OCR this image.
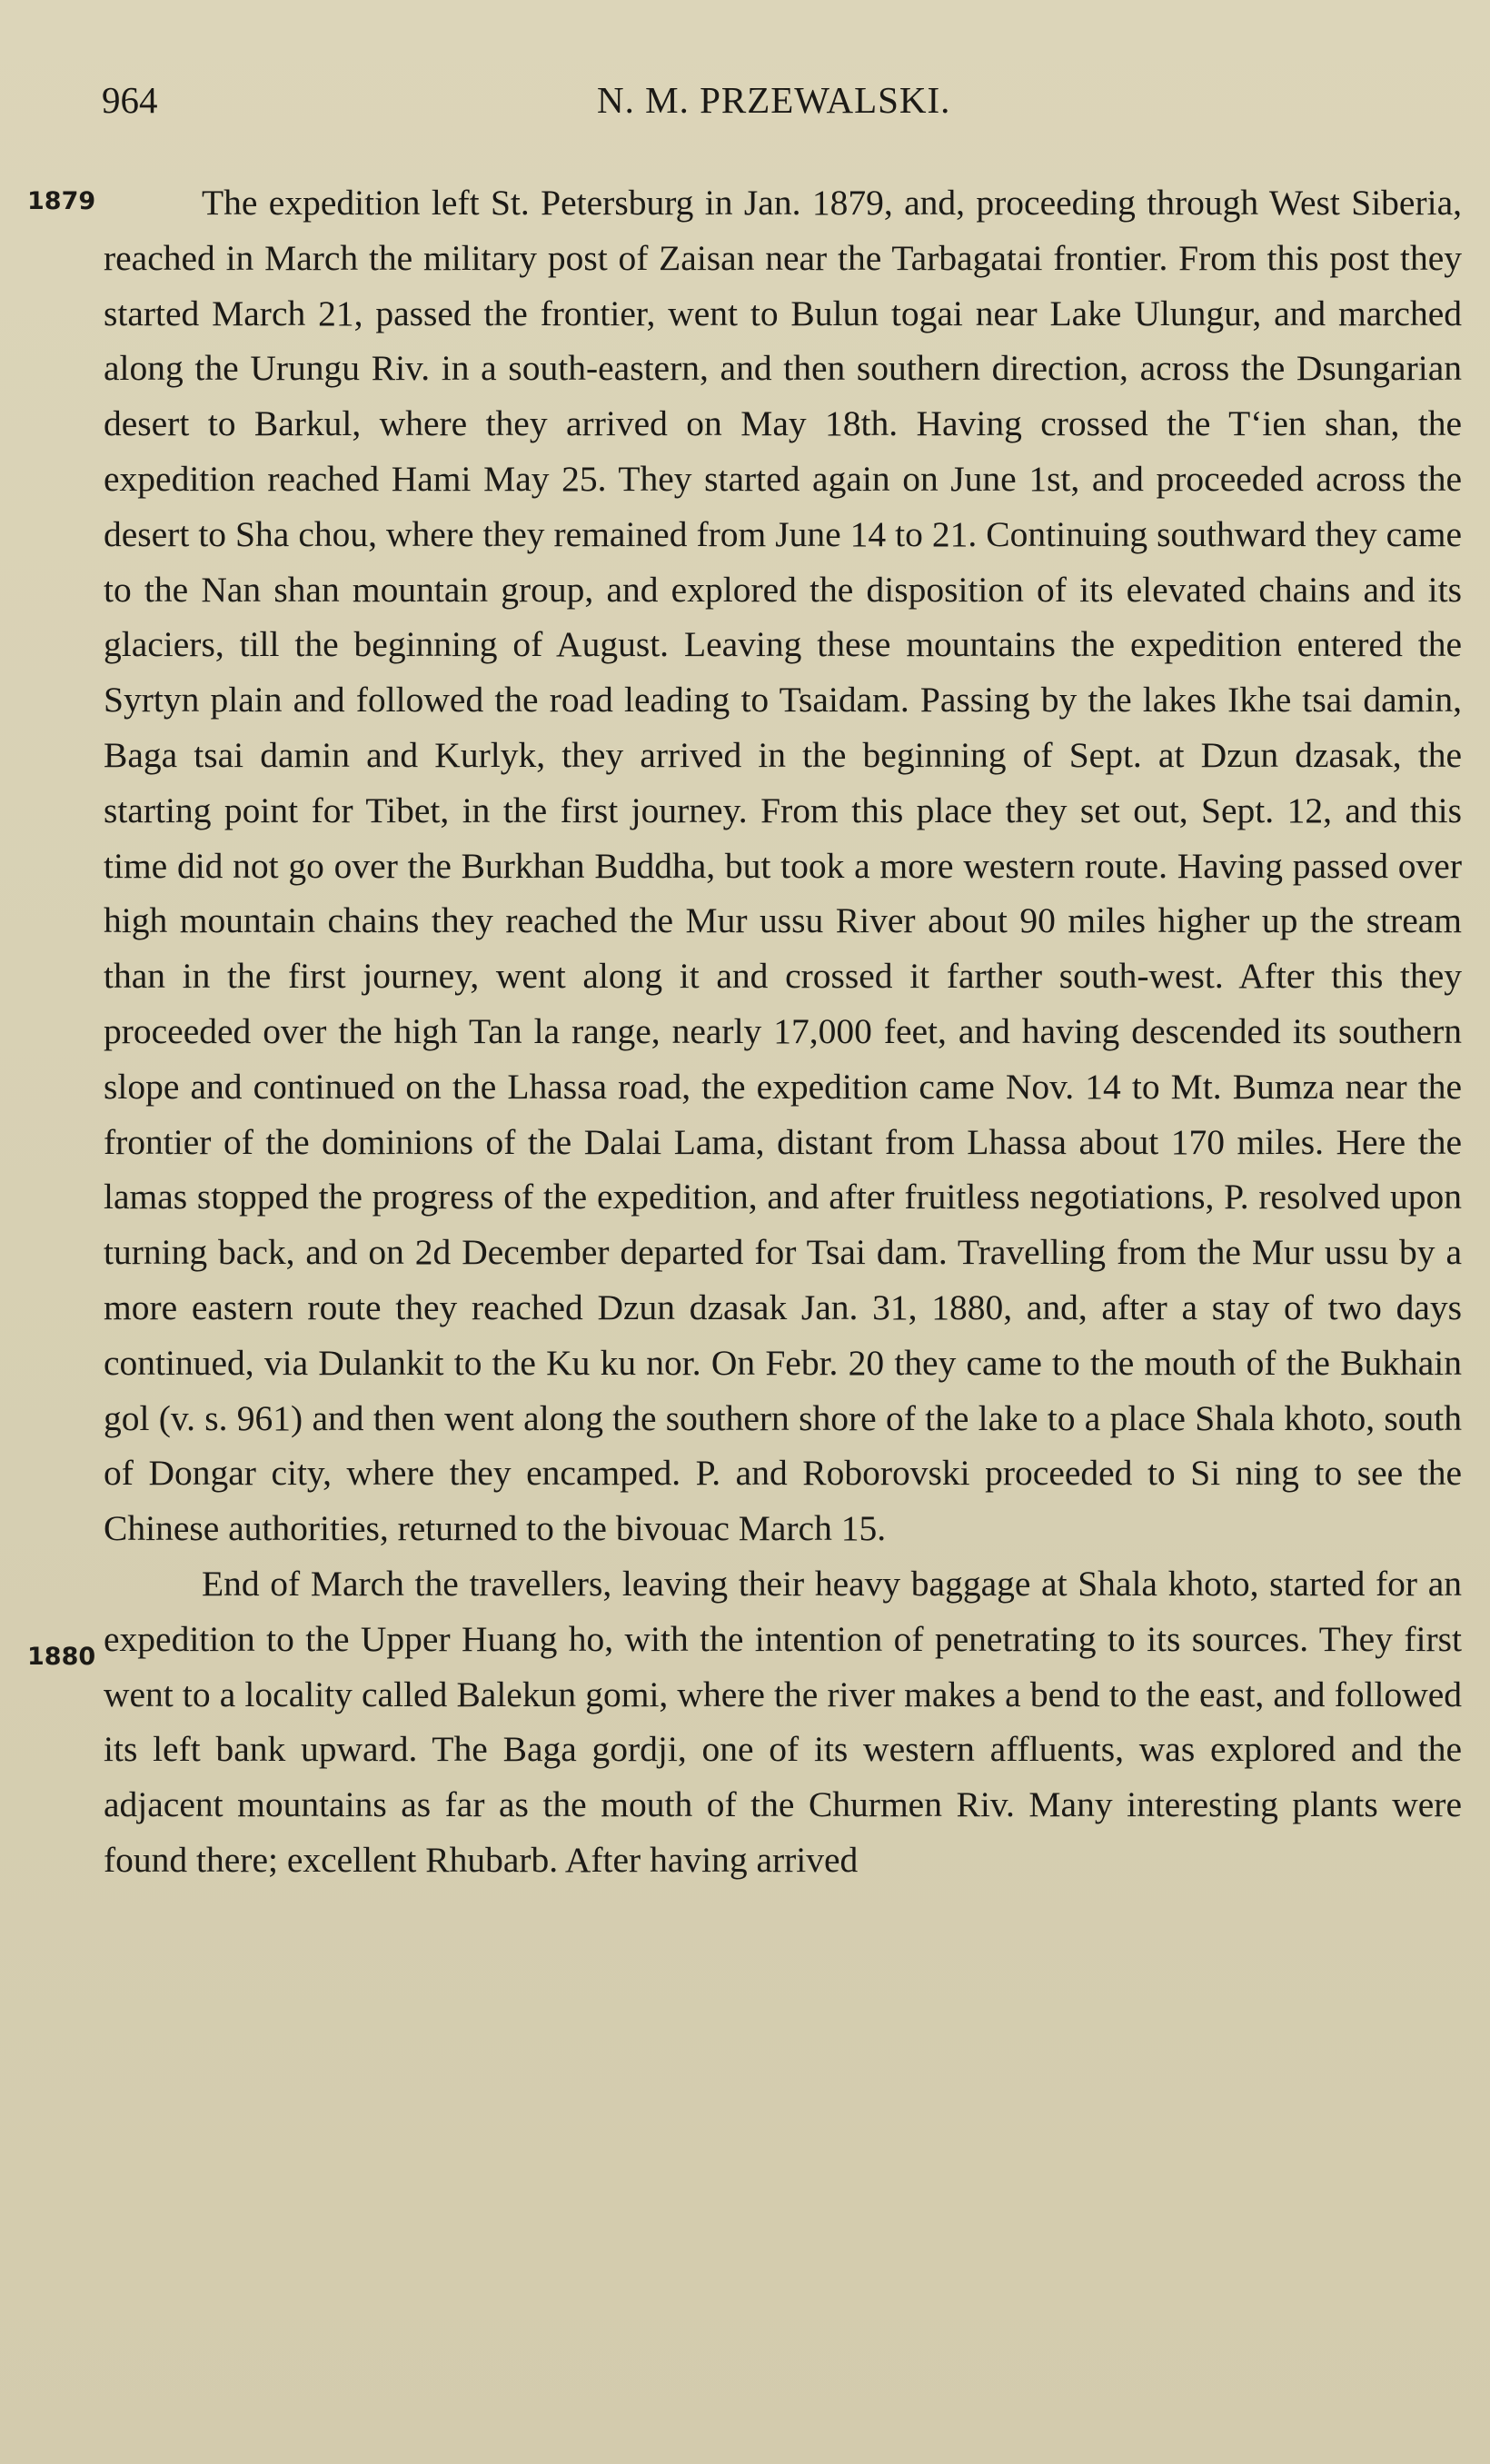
964	N. M. PRZEWALSKI.
1879
1880

The expedition left St. Petersburg in Jan. 1879, and, proceeding through West Siberia, reached in March the military post of Zaisan near the Tarbagatai frontier. From this post they started March 21, passed the frontier, went to Bulun togai near Lake Ulungur, and marched along the Urungu Riv. in a south-eastern, and then southern direction, across the Dsungarian desert to Barkul, where they arrived on May 18th. Having crossed the Tʻien shan, the expedition reached Hami May 25. They started again on June 1st, and proceeded across the desert to Sha chou, where they remained from June 14 to 21. Continuing southward they came to the Nan shan mountain group, and explored the disposition of its elevated chains and its glaciers, till the beginning of August. Leaving these mountains the expedition entered the Syrtyn plain and followed the road leading to Tsaidam. Passing by the lakes Ikhe tsai damin, Baga tsai damin and Kurlyk, they arrived in the beginning of Sept. at Dzun dzasak, the starting point for Tibet, in the first journey. From this place they set out, Sept. 12, and this time did not go over the Burkhan Buddha, but took a more western route. Having passed over high mountain chains they reached the Mur ussu River about 90 miles higher up the stream than in the first journey, went along it and crossed it farther south-west. After this they proceeded over the high Tan la range, nearly 17,000 feet, and having descended its southern slope and continued on the Lhassa road, the expedition came Nov. 14 to Mt. Bumza near the frontier of the dominions of the Dalai Lama, distant from Lhassa about 170 miles. Here the lamas stopped the progress of the expedition, and after fruitless negotiations, P. resolved upon turning back, and on 2d December departed for Tsai dam. Travelling from the Mur ussu by a more eastern route they reached Dzun dzasak Jan. 31, 1880, and, after a stay of two days continued, via Dulankit to the Ku ku nor. On Febr. 20 they came to the mouth of the Bukhain gol (v. s. 961) and then went along the southern shore of the lake to a place Shala khoto, south of Dongar city, where they encamped. P. and Roborovski proceeded to Si ning to see the Chinese authorities, returned to the bivouac March 15.

End of March the travellers, leaving their heavy baggage at Shala khoto, started for an expedition to the Upper Huang ho, with the intention of penetrating to its sources. They first went to a locality called Balekun gomi, where the river makes a bend to the east, and followed its left bank upward. The Baga gordji, one of its western affluents, was explored and the adjacent mountains as far as the mouth of the Churmen Riv. Many interesting plants were found there; excellent Rhubarb. After having arrived
